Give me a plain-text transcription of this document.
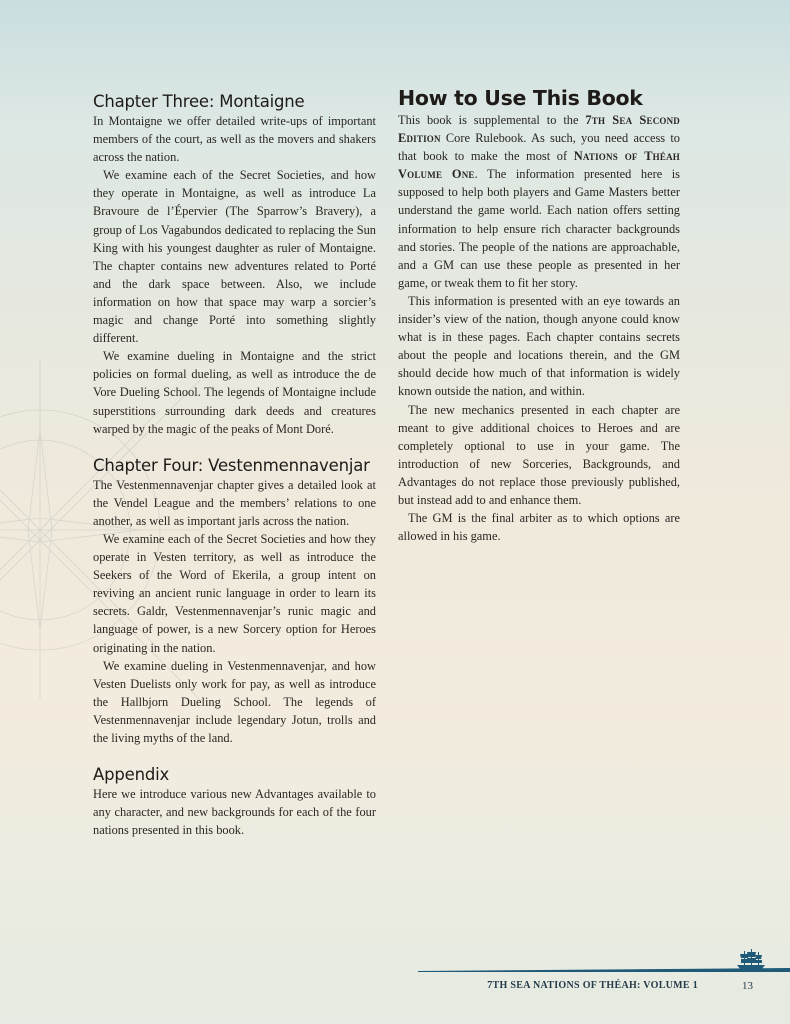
Chapter Three: Montaigne

In Montaigne we offer detailed write-ups of important members of the court, as well as the movers and shakers across the nation.

We examine each of the Secret Societies, and how they operate in Montaigne, as well as introduce La Bravoure de l’Épervier (The Sparrow’s Bravery), a group of Los Vagabundos dedicated to replacing the Sun King with his youngest daughter as ruler of Montaigne. The chapter contains new adventures related to Porté and the dark space between. Also, we include information on how that space may warp a sorcier’s magic and change Porté into something slightly different.

We examine dueling in Montaigne and the strict policies on formal dueling, as well as introduce the de Vore Dueling School. The legends of Montaigne include superstitions surrounding dark deeds and creatures warped by the magic of the peaks of Mont Doré.

Chapter Four: Vestenmennavenjar

The Vestenmennavenjar chapter gives a detailed look at the Vendel League and the members’ relations to one another, as well as important jarls across the nation.

We examine each of the Secret Societies and how they operate in Vesten territory, as well as introduce the Seekers of the Word of Ekerila, a group intent on reviving an ancient runic language in order to learn its secrets. Galdr, Vestenmennavenjar’s runic magic and language of power, is a new Sorcery option for Heroes originating in the nation.

We examine dueling in Vestenmennavenjar, and how Vesten Duelists only work for pay, as well as introduce the Hallbjorn Dueling School. The legends of Vestenmennavenjar include legendary Jotun, trolls and the living myths of the land.

Appendix

Here we introduce various new Advantages available to any character, and new backgrounds for each of the four nations presented in this book.

How to Use This Book

This book is supplemental to the 7th Sea Second Edition Core Rulebook. As such, you need access to that book to make the most of Nations of Théah Volume One. The information presented here is supposed to help both players and Game Masters better understand the game world. Each nation offers setting information to help ensure rich character backgrounds and stories. The people of the nations are approachable, and a GM can use these people as presented in her game, or tweak them to fit her story.

This information is presented with an eye towards an insider’s view of the nation, though anyone could know what is in these pages. Each chapter contains secrets about the people and locations therein, and the GM should decide how much of that information is widely known outside the nation, and within.

The new mechanics presented in each chapter are meant to give additional choices to Heroes and are completely optional to use in your game. The introduction of new Sorceries, Backgrounds, and Advantages do not replace those previously published, but instead add to and enhance them.

The GM is the final arbiter as to which options are allowed in his game.

7TH SEA NATIONS OF THÉAH: VOLUME 1	13
